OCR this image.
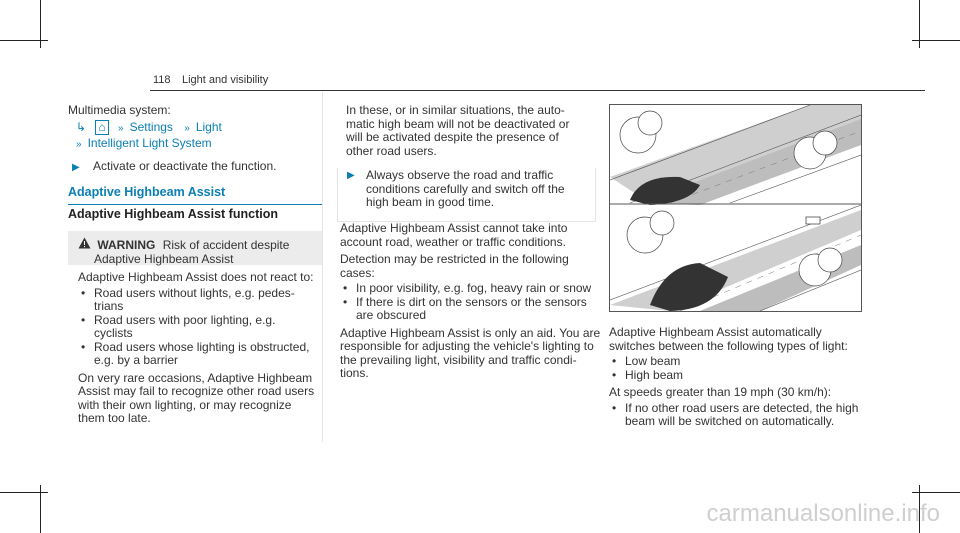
118 Light and visibility

Multimedia system:

↳ ⌂ » Settings » Light
» Intelligent Light System
▶ Activate or deactivate the function.
Adaptive Highbeam Assist
Adaptive Highbeam Assist function
WARNING Risk of accident despite
Adaptive Highbeam Assist

Adaptive Highbeam Assist does not react to:

• Road users without lights, e.g. pedes-
trians
• Road users with poor lighting, e.g.
cyclists
• Road users whose lighting is obstructed,
e.g. by a barrier
On very rare occasions, Adaptive Highbeam
Assist may fail to recognize other road users
with their own lighting, or may recognize
them too late.
In these, or in similar situations, the auto-
matic high beam will not be deactivated or
will be activated despite the presence of
other road users.
▶ Always observe the road and traffic
conditions carefully and switch off the
high beam in good time.
Adaptive Highbeam Assist cannot take into
account road, weather or traffic conditions.
Detection may be restricted in the following
cases:
• In poor visibility, e.g. fog, heavy rain or snow
• If there is dirt on the sensors or the sensors
are obscured
Adaptive Highbeam Assist is only an aid. You are
responsible for adjusting the vehicle's lighting to
the prevailing light, visibility and traffic condi-
tions.
Adaptive Highbeam Assist automatically
switches between the following types of light:
• Low beam
• High beam
At speeds greater than 19 mph (30 km/h):
• If no other road users are detected, the high
beam will be switched on automatically.
carmanualsonline.info
